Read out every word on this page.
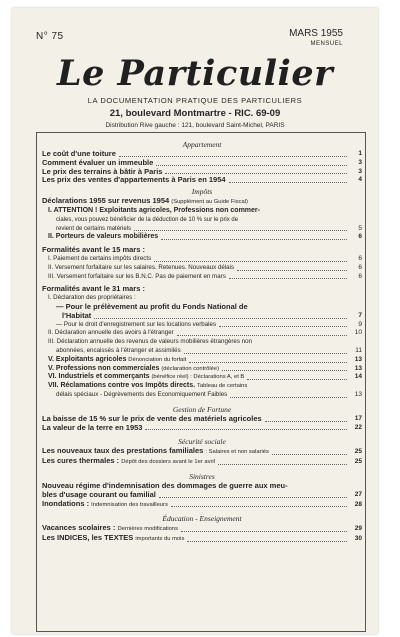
N° 75	MARS 1955
MENSUEL
Le Particulier
LA DOCUMENTATION PRATIQUE DES PARTICULIERS
21, boulevard Montmartre - RIC. 69-09
Distribution Rive gauche : 121, boulevard Saint-Michel, PARIS
Appartement
Le coût d'une toiture	1
Comment évaluer un immeuble	3
Le prix des terrains à bâtir à Paris	3
Les prix des ventes d'appartements à Paris en 1954	4
Impôts
Déclarations 1955 sur revenus 1954 (Supplément au Guide Fiscal)
I. ATTENTION ! Exploitants agricoles, Professions non commer-
ciales, vous pouvez bénéficier de la déduction de 10 % sur le prix de
revient de certains matériels	5
II. Porteurs de valeurs mobilières	6
Formalités avant le 15 mars :
I. Paiement de certains impôts directs	6
II. Versement forfaitaire sur les salaires. Retenues. Nouveaux délais	6
III. Versement forfaitaire sur les B.N.C. Pas de paiement en mars	6
Formalités avant le 31 mars :
I. Déclaration des propriétaires :
— Pour le prélèvement au profit du Fonds National de
l'Habitat	7
— Pour le droit d'enregistrement sur les locations verbales	9
II. Déclaration annuelle des avoirs à l'étranger	10
III. Déclaration annuelle des revenus de valeurs mobilières étrangères non
abonnées, encaissés à l'étranger et assimilés	11
V. Exploitants agricoles Dénonciation du forfait	13
V. Professions non commerciales (déclaration contrôlée)	13
VI. Industriels et commerçants (bénéfice réel) : Déclarations A, et B	14
VII. Réclamations contre vos Impôts directs. Tableau de certains
délais spéciaux - Dégrèvements des Economiquement Faibles	13
Gestion de Fortune
La baisse de 15 % sur le prix de vente des matériels agricoles	17
La valeur de la terre en 1953	22
Sécurité sociale
Les nouveaux taux des prestations familiales : Salaires et non salariés	25
Les cures thermales : Dépôt des dossiers avant le 1er avril	25
Sinistres
Nouveau régime d'indemnisation des dommages de guerre aux meu-
bles d'usage courant ou familial	27
Inondations : Indemnisation des travailleurs	28
Éducation - Enseignement
Vacances scolaires : Dernières modifications	29
Les INDICES, les TEXTES importants du mois	30
